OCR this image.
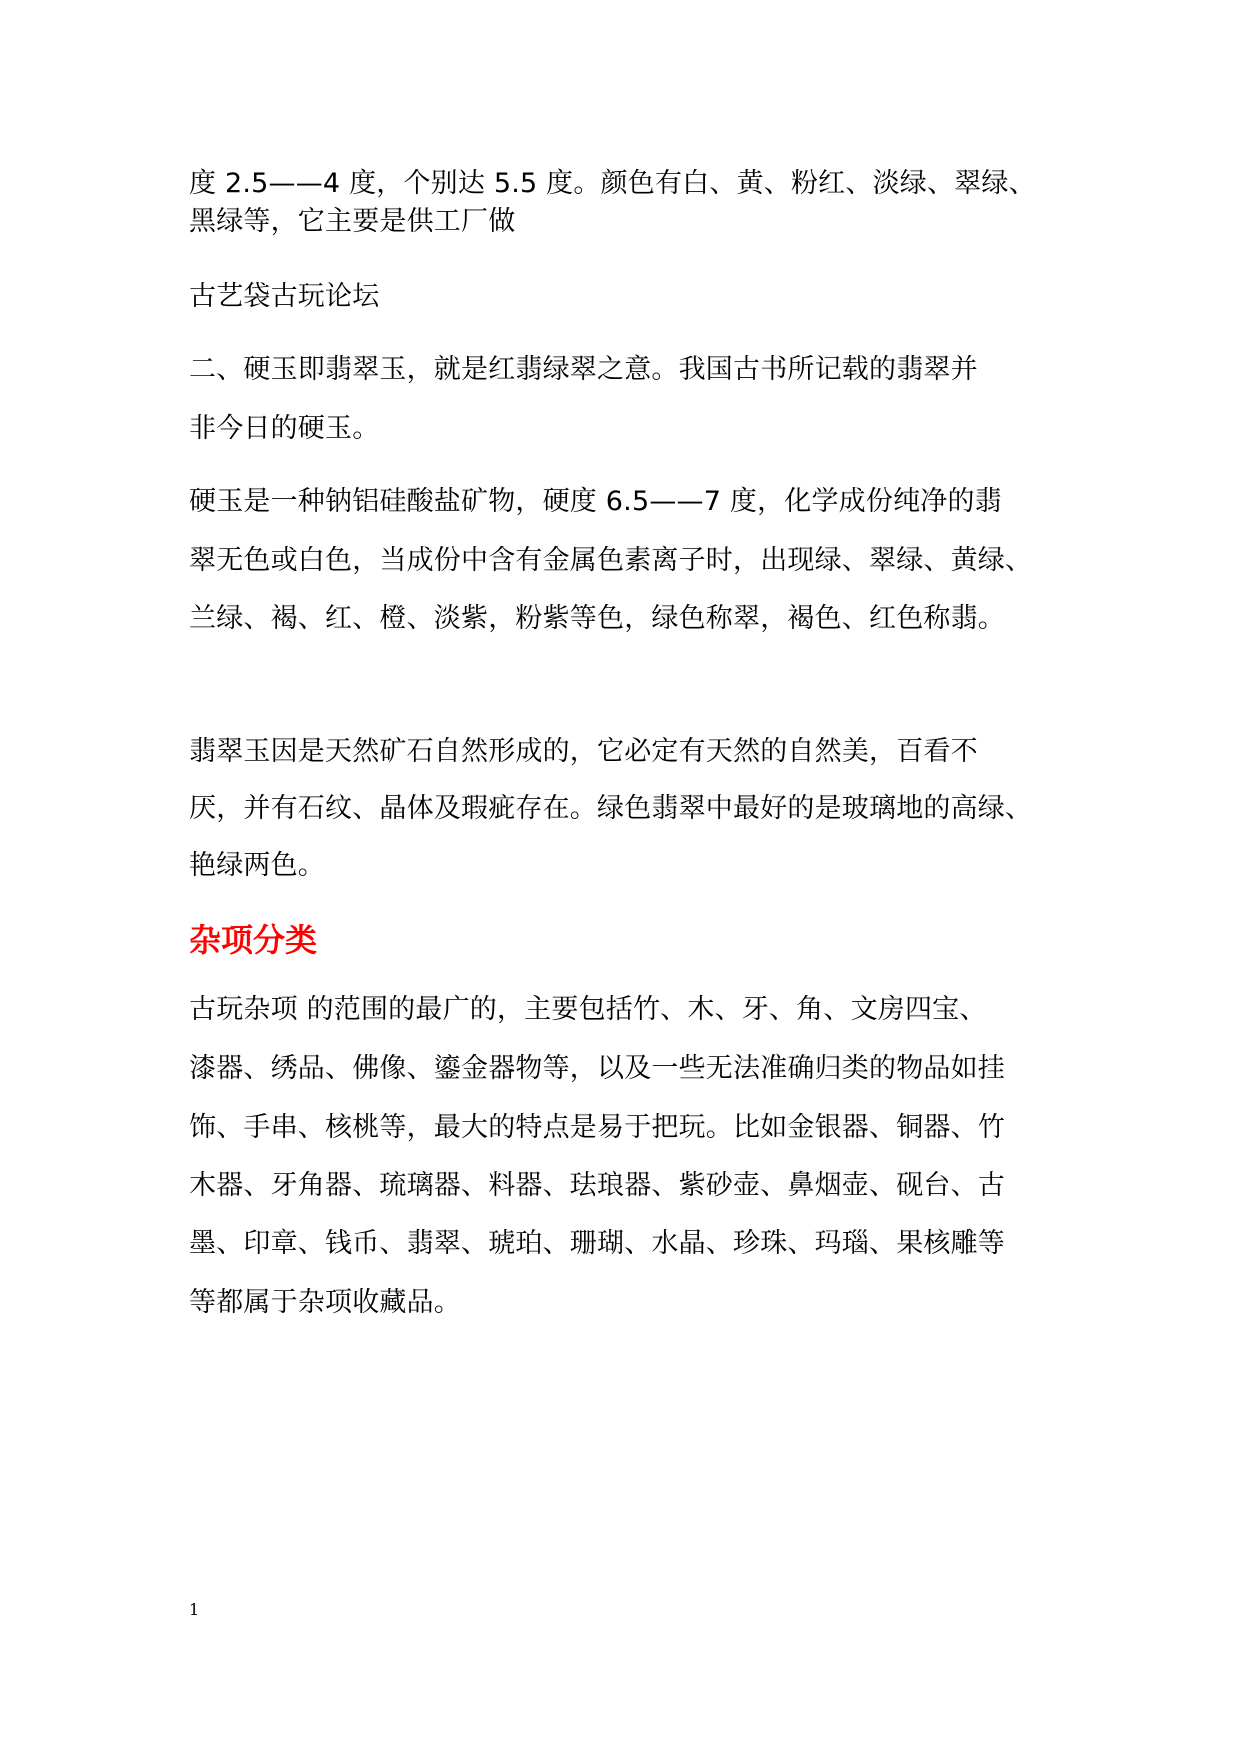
度 2.5——4 度，个别达 5.5 度。颜色有白、黄、粉红、淡绿、翠绿、
黑绿等，它主要是供工厂做
古艺袋古玩论坛
二、硬玉即翡翠玉，就是红翡绿翠之意。我国古书所记载的翡翠并
非今日的硬玉。
硬玉是一种钠铝硅酸盐矿物，硬度 6.5——7 度，化学成份纯净的翡
翠无色或白色，当成份中含有金属色素离子时，出现绿、翠绿、黄绿、
兰绿、褐、红、橙、淡紫，粉紫等色，绿色称翠，褐色、红色称翡。
翡翠玉因是天然矿石自然形成的，它必定有天然的自然美，百看不
厌，并有石纹、晶体及瑕疵存在。绿色翡翠中最好的是玻璃地的高绿、
艳绿两色。
杂项分类
古玩杂项 的范围的最广的，主要包括竹、木、牙、角、文房四宝、
漆器、绣品、佛像、鎏金器物等，以及一些无法准确归类的物品如挂
饰、手串、核桃等，最大的特点是易于把玩。比如金银器、铜器、竹
木器、牙角器、琉璃器、料器、珐琅器、紫砂壶、鼻烟壶、砚台、古
墨、印章、钱币、翡翠、琥珀、珊瑚、水晶、珍珠、玛瑙、果核雕等
等都属于杂项收藏品。
1
